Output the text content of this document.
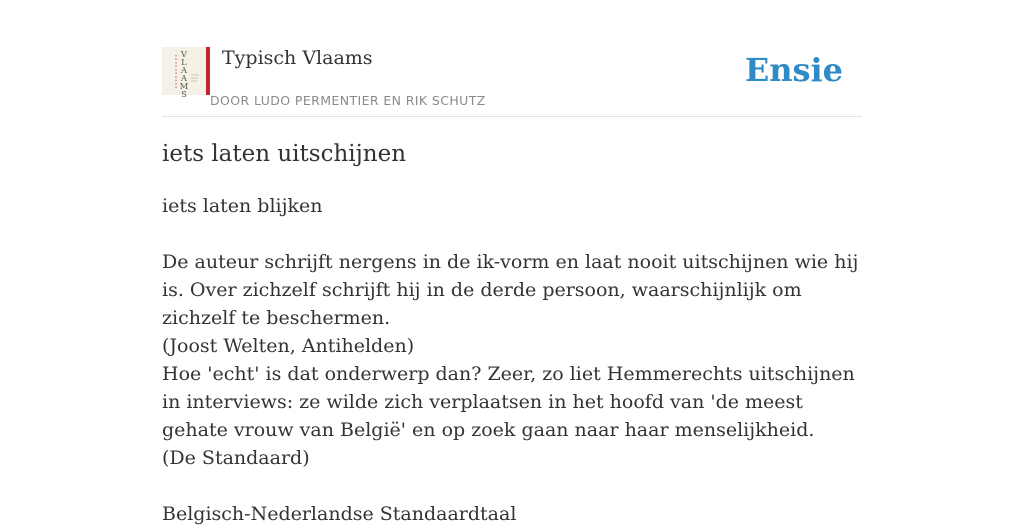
V L A A M S
Typisch Vlaams
DOOR LUDO PERMENTIER EN RIK SCHUTZ
Ensie
iets laten uitschijnen

iets laten blijken

De auteur schrijft nergens in de ik-vorm en laat nooit uitschijnen wie hij is. Over zichzelf schrijft hij in de derde persoon, waarschijnlijk om zichzelf te beschermen.

(Joost Welten, Antihelden)

Hoe 'echt' is dat onderwerp dan? Zeer, zo liet Hemmerechts uitschijnen in interviews: ze wilde zich verplaatsen in het hoofd van 'de meest gehate vrouw van België' en op zoek gaan naar haar menselijkheid.

(De Standaard)

Belgisch-Nederlandse Standaardtaal
